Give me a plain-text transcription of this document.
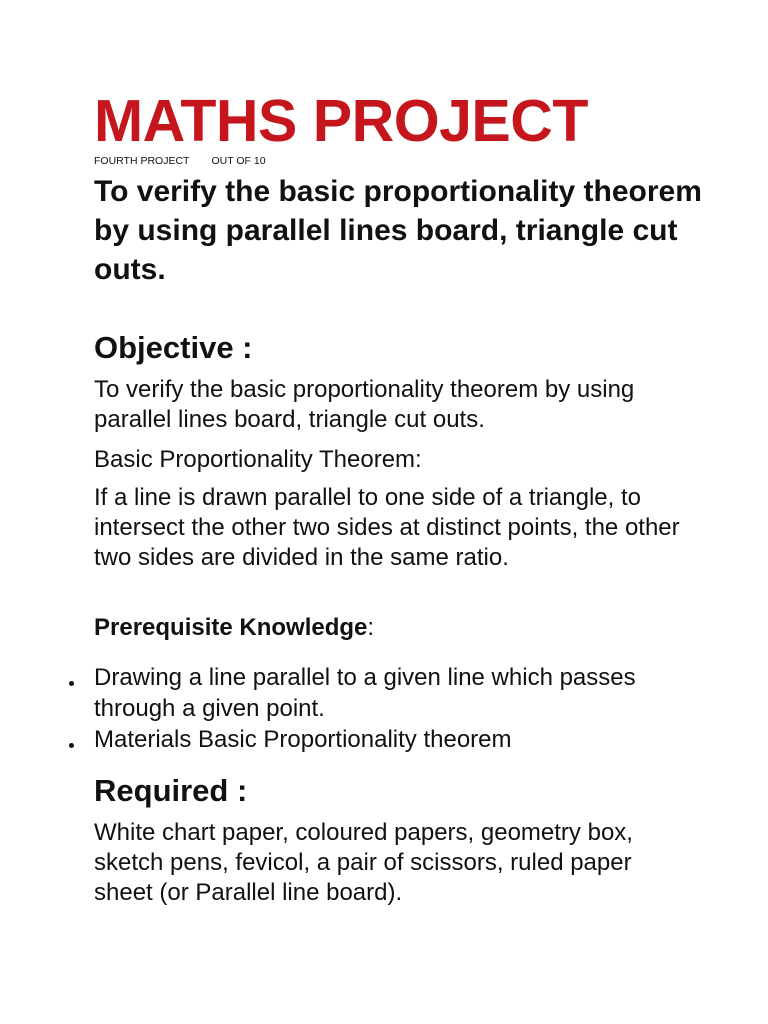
MATHS PROJECT
FOURTH PROJECT OUT OF 10
To verify the basic proportionality theorem by using parallel lines board, triangle cut outs.
Objective :

To verify the basic proportionality theorem by using parallel lines board, triangle cut outs.

Basic Proportionality Theorem:

If a line is drawn parallel to one side of a triangle, to intersect the other two sides at distinct points, the other two sides are divided in the same ratio.

Prerequisite Knowledge:
Drawing a line parallel to a given line which passes through a given point.
Materials Basic Proportionality theorem
Required :

White chart paper, coloured papers, geometry box, sketch pens, fevicol, a pair of scissors, ruled paper sheet (or Parallel line board).
